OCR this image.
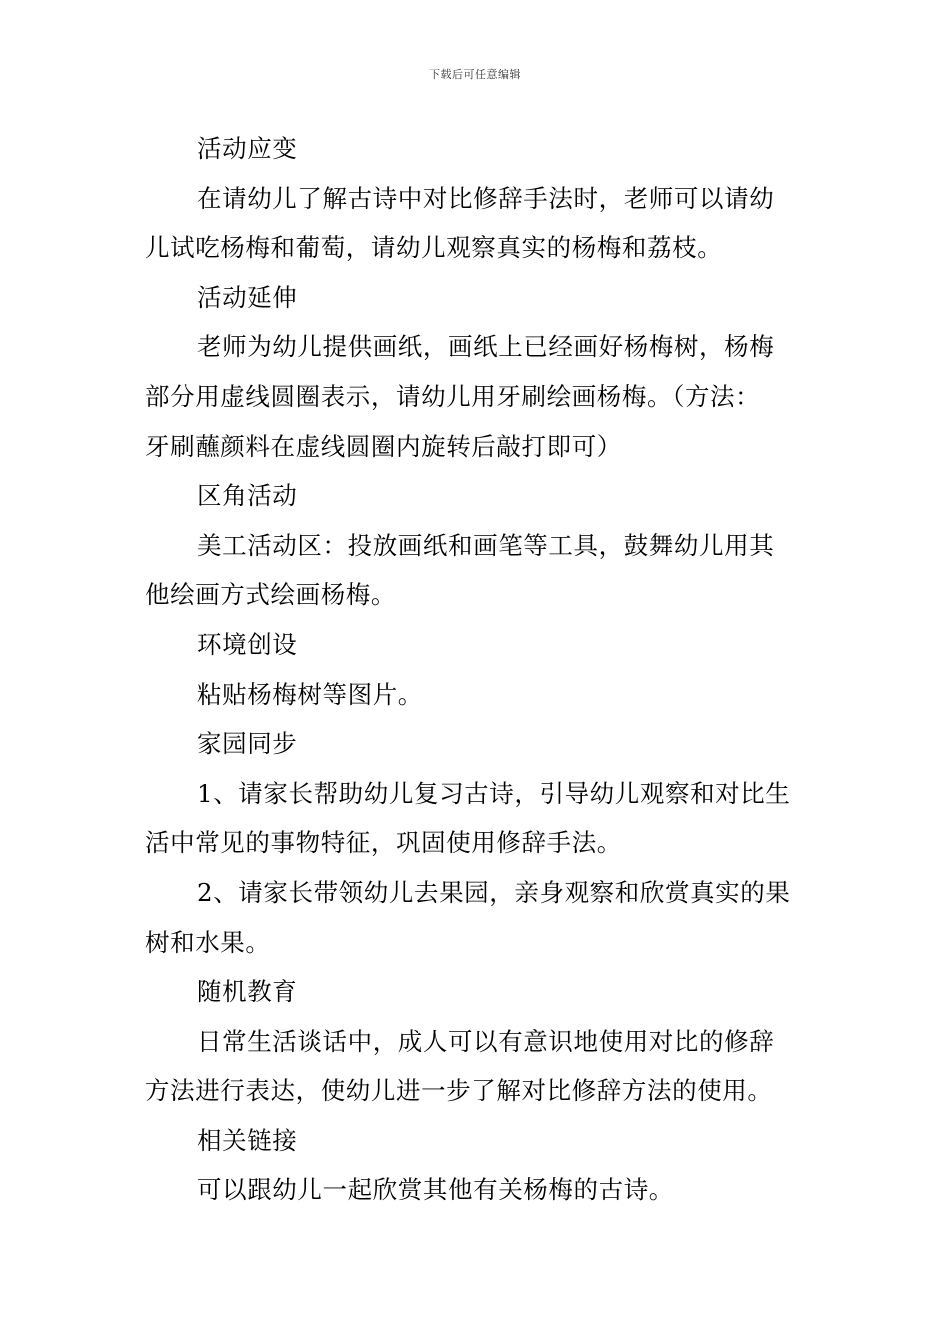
下载后可任意编辑
活动应变
在请幼儿了解古诗中对比修辞手法时，老师可以请幼
儿试吃杨梅和葡萄，请幼儿观察真实的杨梅和荔枝。
活动延伸
老师为幼儿提供画纸，画纸上已经画好杨梅树，杨梅
部分用虚线圆圈表示，请幼儿用牙刷绘画杨梅。（方法：
牙刷蘸颜料在虚线圆圈内旋转后敲打即可）
区角活动
美工活动区：投放画纸和画笔等工具，鼓舞幼儿用其
他绘画方式绘画杨梅。
环境创设
粘贴杨梅树等图片。
家园同步
1、请家长帮助幼儿复习古诗，引导幼儿观察和对比生
活中常见的事物特征，巩固使用修辞手法。
2、请家长带领幼儿去果园，亲身观察和欣赏真实的果
树和水果。
随机教育
日常生活谈话中，成人可以有意识地使用对比的修辞
方法进行表达，使幼儿进一步了解对比修辞方法的使用。
相关链接
可以跟幼儿一起欣赏其他有关杨梅的古诗。
